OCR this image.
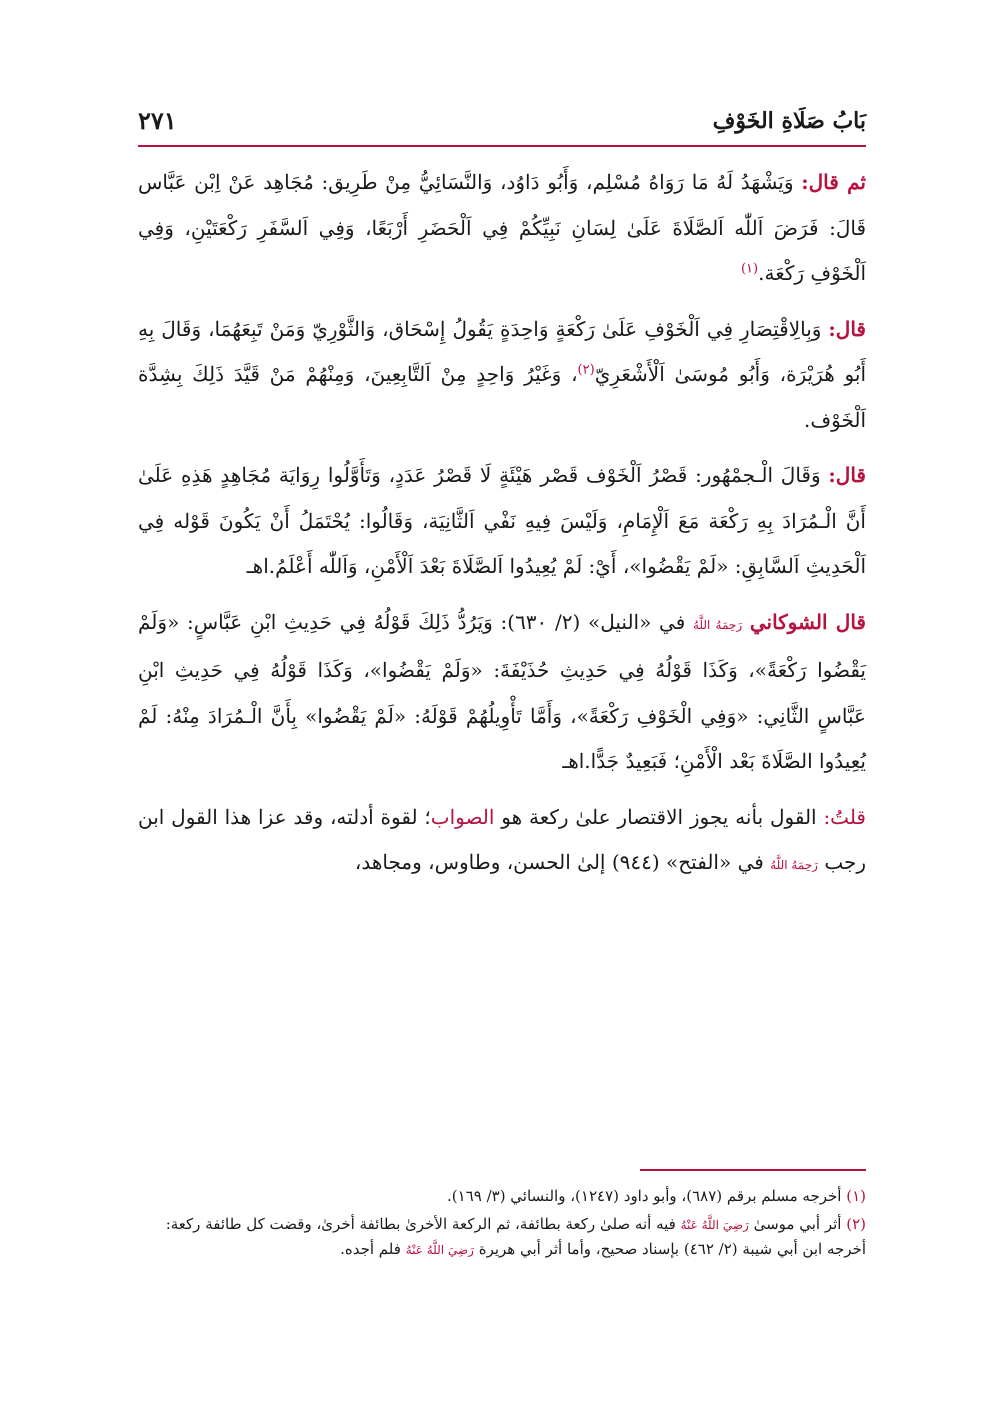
بَابُ صَلَاةِ الخَوْفِ
٢٧١

ثم قال: وَيَشْهَدُ لَهُ مَا رَوَاهُ مُسْلِم، وَأَبُو دَاوُد، وَالنَّسَائِيُّ مِنْ طَرِيق: مُجَاهِد عَنْ اِبْن عَبَّاس قَالَ: فَرَضَ اَللّٰه اَلصَّلَاةَ عَلَىٰ لِسَانِ نَبِيِّكُمْ فِي اَلْحَضَرِ أَرْبَعًا، وَفِي اَلسَّفَرِ رَكْعَتَيْنِ، وَفِي اَلْخَوْفِ رَكْعَة.$^{(١)}$

قال: وَبِالِاقْتِصَارِ فِي اَلْخَوْفِ عَلَىٰ رَكْعَةٍ وَاحِدَةٍ يَقُولُ إِسْحَاق، وَالثَّوْرِيّ وَمَنْ تَبِعَهُمَا، وَقَالَ بِهِ أَبُو هُرَيْرَة، وَأَبُو مُوسَىٰ اَلْأَشْعَرِيّ$^{(٢)}$، وَغَيْرُ وَاحِدٍ مِنْ اَلتَّابِعِينَ، وَمِنْهُمْ مَنْ قَيَّدَ ذَلِكَ بِشِدَّة اَلْخَوْف.

قال: وَقَالَ الْـجمْهُور: قَصْرُ اَلْخَوْف قَصْر هَيْئَةٍ لَا قَصْرُ عَدَدٍ، وَتَأَوَّلُوا رِوَايَة مُجَاهِدٍ هَذِهِ عَلَىٰ أَنَّ الْـمُرَادَ بِهِ رَكْعَة مَعَ اَلْإِمَامِ، وَلَيْسَ فِيهِ نَفْي اَلثَّانِيَة، وَقَالُوا: يُحْتَمَلُ أَنْ يَكُونَ قَوْله فِي اَلْحَدِيثِ اَلسَّابِقِ: «لَمْ يَقْضُوا»، أَيْ: لَمْ يُعِيدُوا اَلصَّلَاةَ بَعْدَ اَلْأَمْنِ، وَاَللّٰه أَعْلَمُ.اهـ

قال الشوكاني رَحِمَهُ اللَّهُ في «النيل» (٢/ ٦٣٠): وَيَرُدُّ ذَلِكَ قَوْلُهُ فِي حَدِيثِ ابْنِ عَبَّاسٍ: «وَلَمْ يَقْضُوا رَكْعَةً»، وَكَذَا قَوْلُهُ فِي حَدِيثِ حُذَيْفَةَ: «وَلَمْ يَقْضُوا»، وَكَذَا قَوْلُهُ فِي حَدِيثِ ابْنِ عَبَّاسٍ الثَّانِي: «وَفِي الْخَوْفِ رَكْعَةً»، وَأَمَّا تَأْوِيلُهُمْ قَوْلَهُ: «لَمْ يَقْضُوا» بِأَنَّ الْـمُرَادَ مِنْهُ: لَمْ يُعِيدُوا الصَّلَاةَ بَعْد الْأَمْنِ؛ فَبَعِيدٌ جَدًّا.اهـ

قلتُ: القول بأنه يجوز الاقتصار علىٰ ركعة هو الصواب؛ لقوة أدلته، وقد عزا هذا القول ابن رجب رَحِمَهُ اللَّهُ في «الفتح» (٩٤٤) إلىٰ الحسن، وطاوس، ومجاهد،

(١) أخرجه مسلم برقم (٦٨٧)، وأبو داود (١٢٤٧)، والنسائي (٣/ ١٦٩).

(٢) أثر أبي موسىٰ رَضِيَ اللَّهُ عَنْهُ فيه أنه صلىٰ ركعة بطائفة، ثم الركعة الأخرىٰ بطائفة أخرىٰ، وقضت كل طائفة ركعة: أخرجه ابن أبي شيبة (٢/ ٤٦٢) بإسناد صحيح، وأما أثر أبي هريرة رَضِيَ اللَّهُ عَنْهُ فلم أجده.
